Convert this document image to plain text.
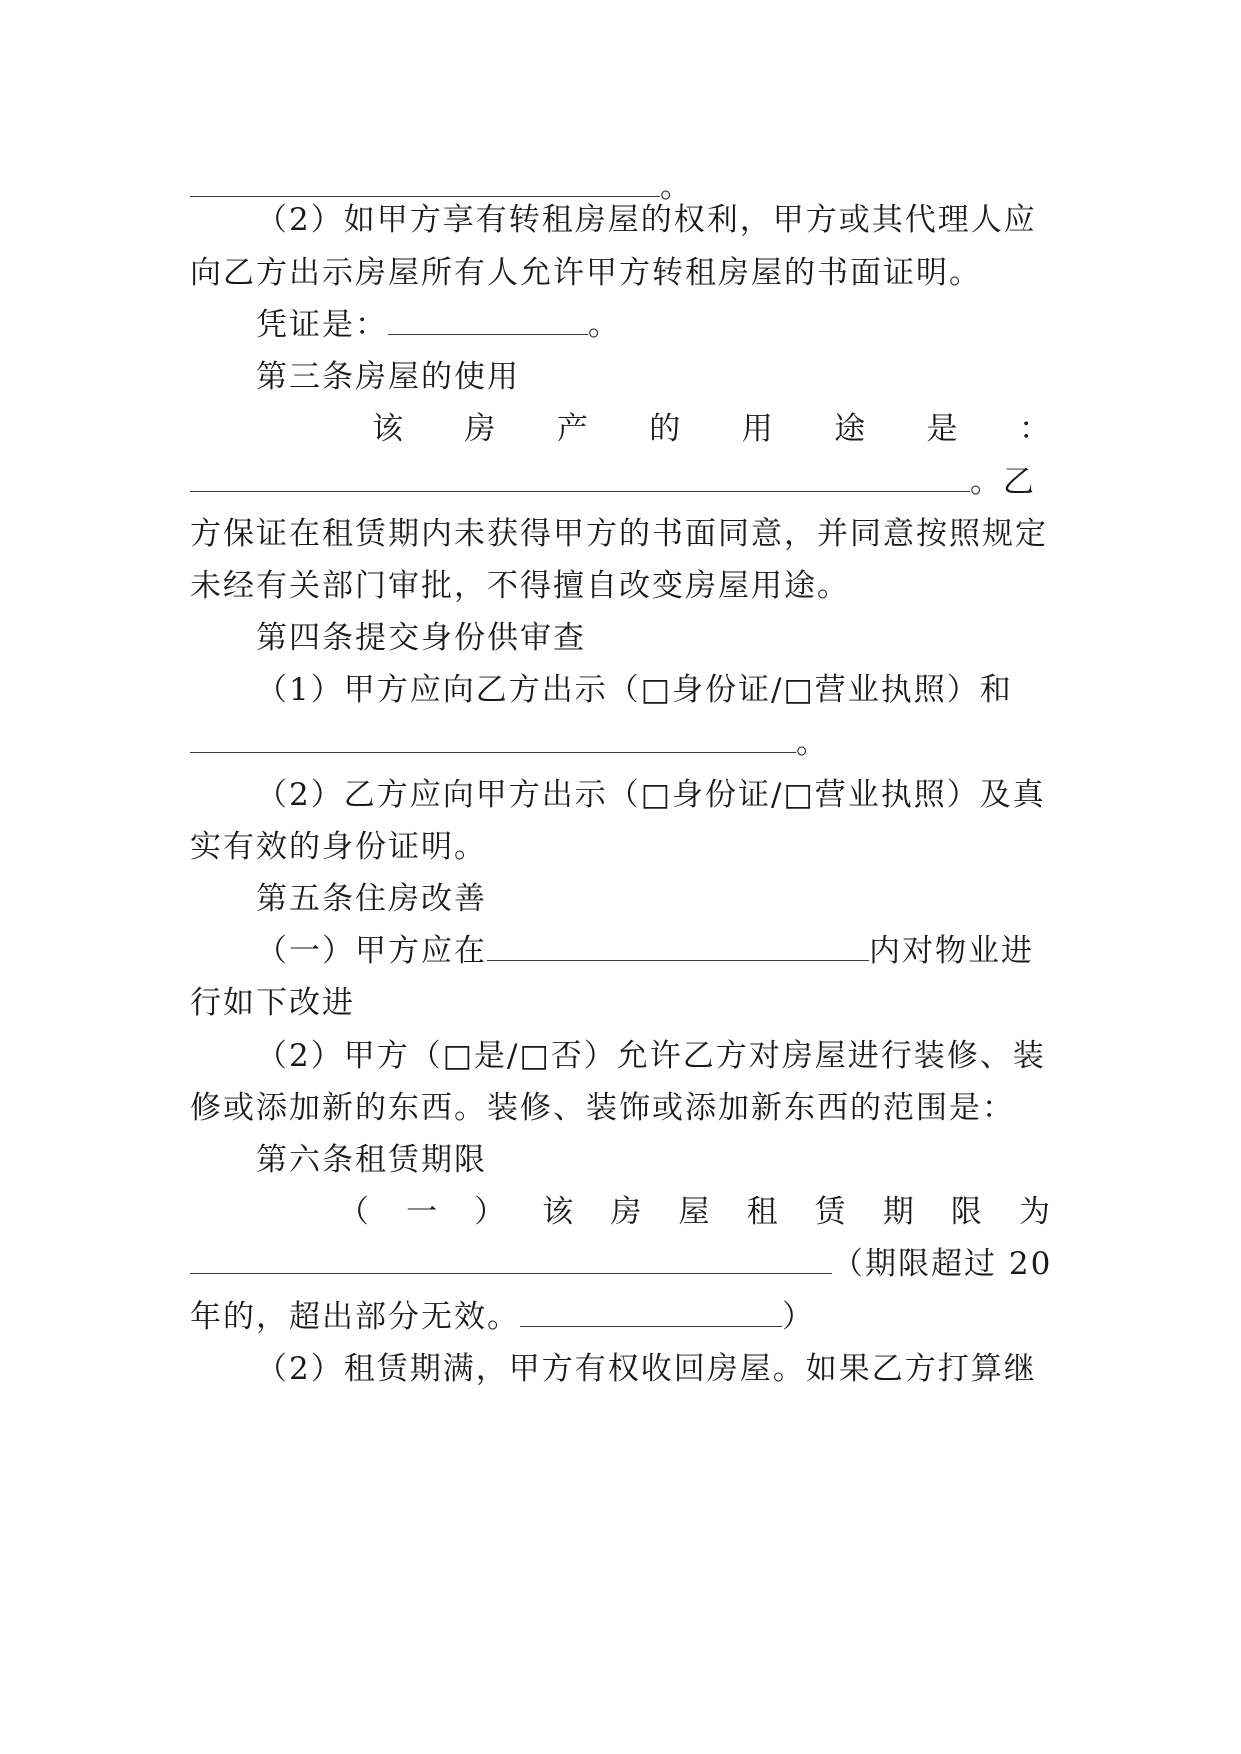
。
（2）如甲方享有转租房屋的权利，甲方或其代理人应
向乙方出示房屋所有人允许甲方转租房屋的书面证明。
凭证是：	。
第三条房屋的使用
该 房 产 的 用 途 是 ：
。乙
方保证在租赁期内未获得甲方的书面同意，并同意按照规定
未经有关部门审批，不得擅自改变房屋用途。
第四条提交身份供审查
（1）甲方应向乙方出示（□身份证/□营业执照）和
。
（2）乙方应向甲方出示（□身份证/□营业执照）及真
实有效的身份证明。
第五条住房改善
（一）甲方应在	内对物业进
行如下改进
（2）甲方（□是/□否）允许乙方对房屋进行装修、装
修或添加新的东西。装修、装饰或添加新东西的范围是：
第六条租赁期限
（ 一 ） 该 房 屋 租 赁 期 限 为
（期限超过 20
年的，超出部分无效。	）
（2）租赁期满，甲方有权收回房屋。如果乙方打算继
